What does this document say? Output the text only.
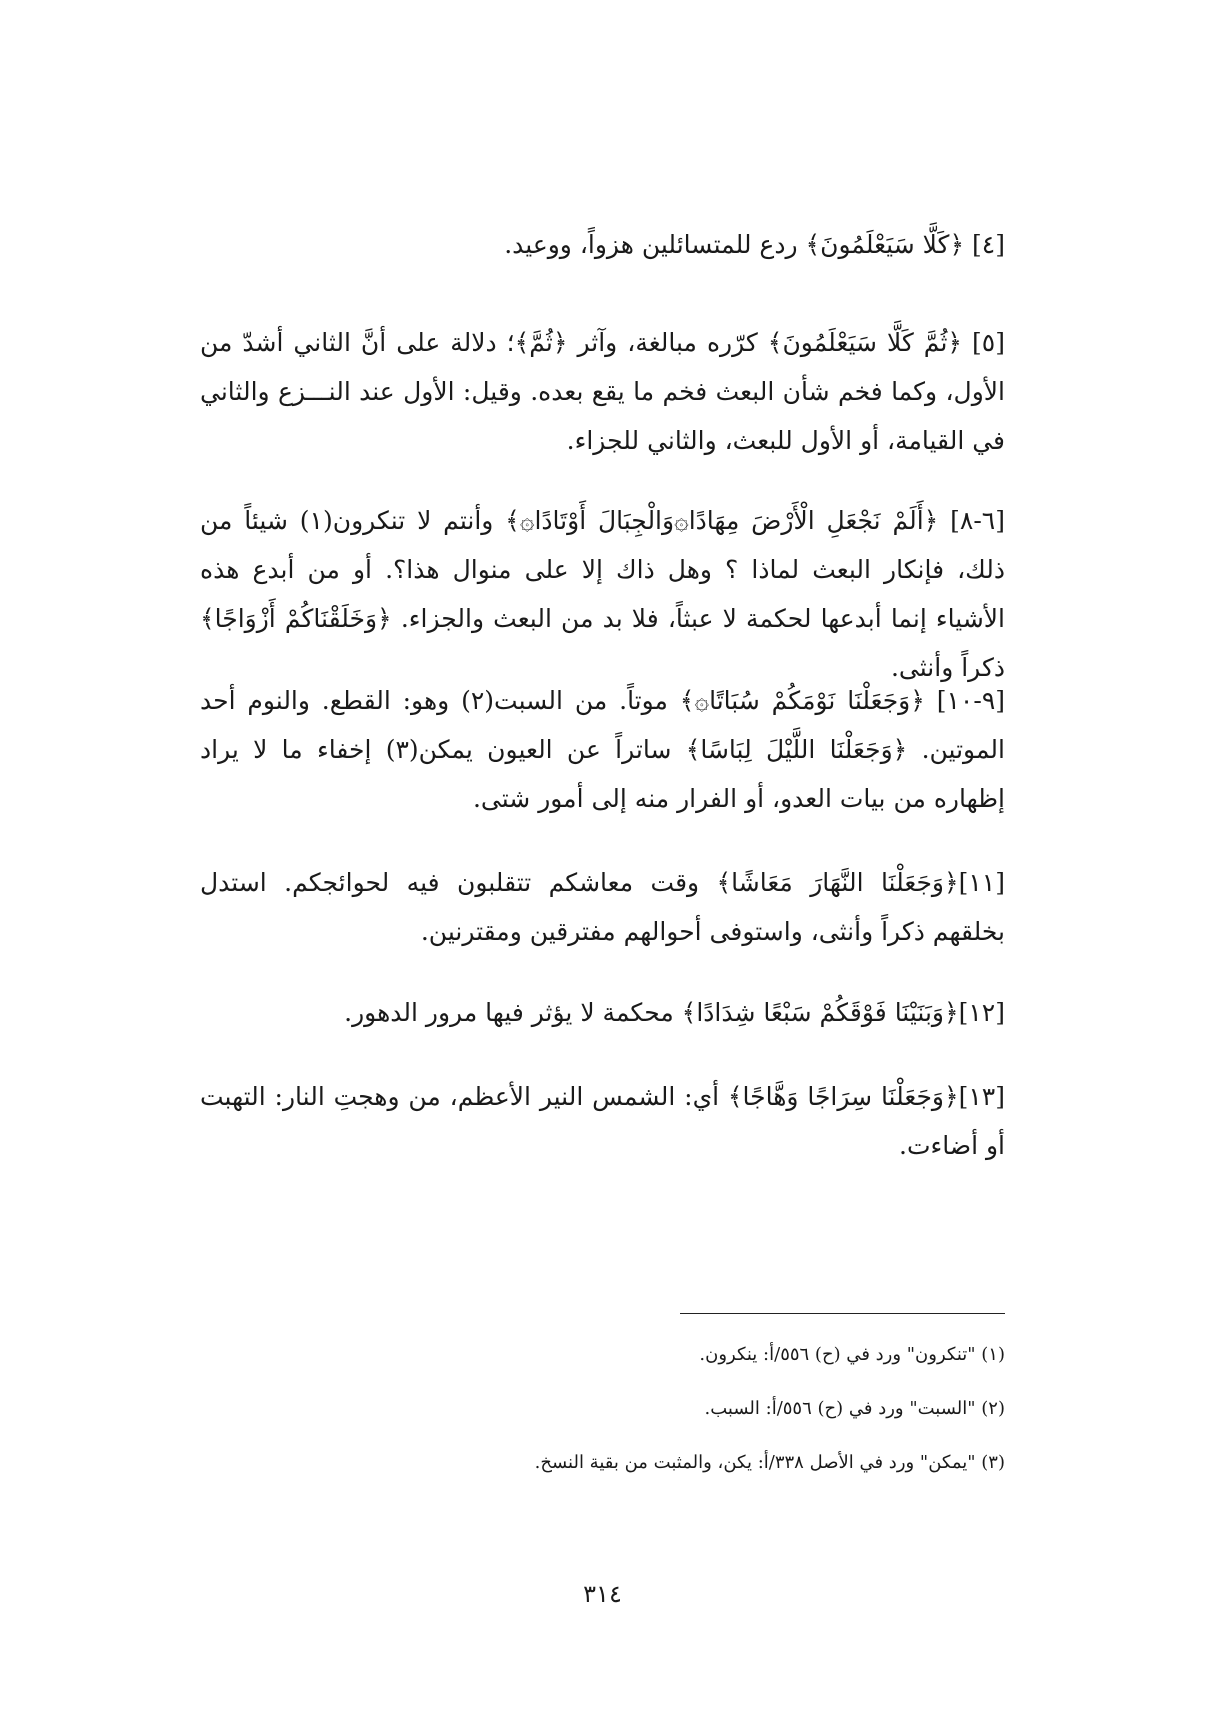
[٤] ﴿كَلَّا سَيَعْلَمُونَ﴾ ردع للمتسائلين هزواً، ووعيد.

[٥] ﴿ثُمَّ كَلَّا سَيَعْلَمُونَ﴾ كرّره مبالغة، وآثر ﴿ثُمَّ﴾؛ دلالة على أنَّ الثاني أشدّ من الأول، وكما فخم شأن البعث فخم ما يقع بعده. وقيل: الأول عند النـــزع والثاني في القيامة، أو الأول للبعث، والثاني للجزاء.

[٦-٨] ﴿أَلَمْ نَجْعَلِ الْأَرْضَ مِهَادًا۞وَالْجِبَالَ أَوْتَادًا۞﴾ وأنتم لا تنكرون(١) شيئاً من ذلك، فإنكار البعث لماذا ؟ وهل ذاك إلا على منوال هذا؟. أو من أبدع هذه الأشياء إنما أبدعها لحكمة لا عبثاً، فلا بد من البعث والجزاء. ﴿وَخَلَقْنَاكُمْ أَزْوَاجًا﴾ ذكراً وأنثى.

[٩-١٠] ﴿وَجَعَلْنَا نَوْمَكُمْ سُبَاتًا۞﴾ موتاً. من السبت(٢) وهو: القطع. والنوم أحد الموتين. ﴿وَجَعَلْنَا اللَّيْلَ لِبَاسًا﴾ ساتراً عن العيون يمكن(٣) إخفاء ما لا يراد إظهاره من بيات العدو، أو الفرار منه إلى أمور شتى.

[١١]﴿وَجَعَلْنَا النَّهَارَ مَعَاشًا﴾ وقت معاشكم تتقلبون فيه لحوائجكم. استدل بخلقهم ذكراً وأنثى، واستوفى أحوالهم مفترقين ومقترنين.

[١٢]﴿وَبَنَيْنَا فَوْقَكُمْ سَبْعًا شِدَادًا﴾ محكمة لا يؤثر فيها مرور الدهور.

[١٣]﴿وَجَعَلْنَا سِرَاجًا وَهَّاجًا﴾ أي: الشمس النير الأعظم، من وهجتِ النار: التهبت أو أضاءت.

(١) "تنكرون" ورد في (ح) ٥٥٦/أ: ينكرون.

(٢) "السبت" ورد في (ح) ٥٥٦/أ: السبب.

(٣) "يمكن" ورد في الأصل ٣٣٨/أ: يكن، والمثبت من بقية النسخ.

٣١٤
